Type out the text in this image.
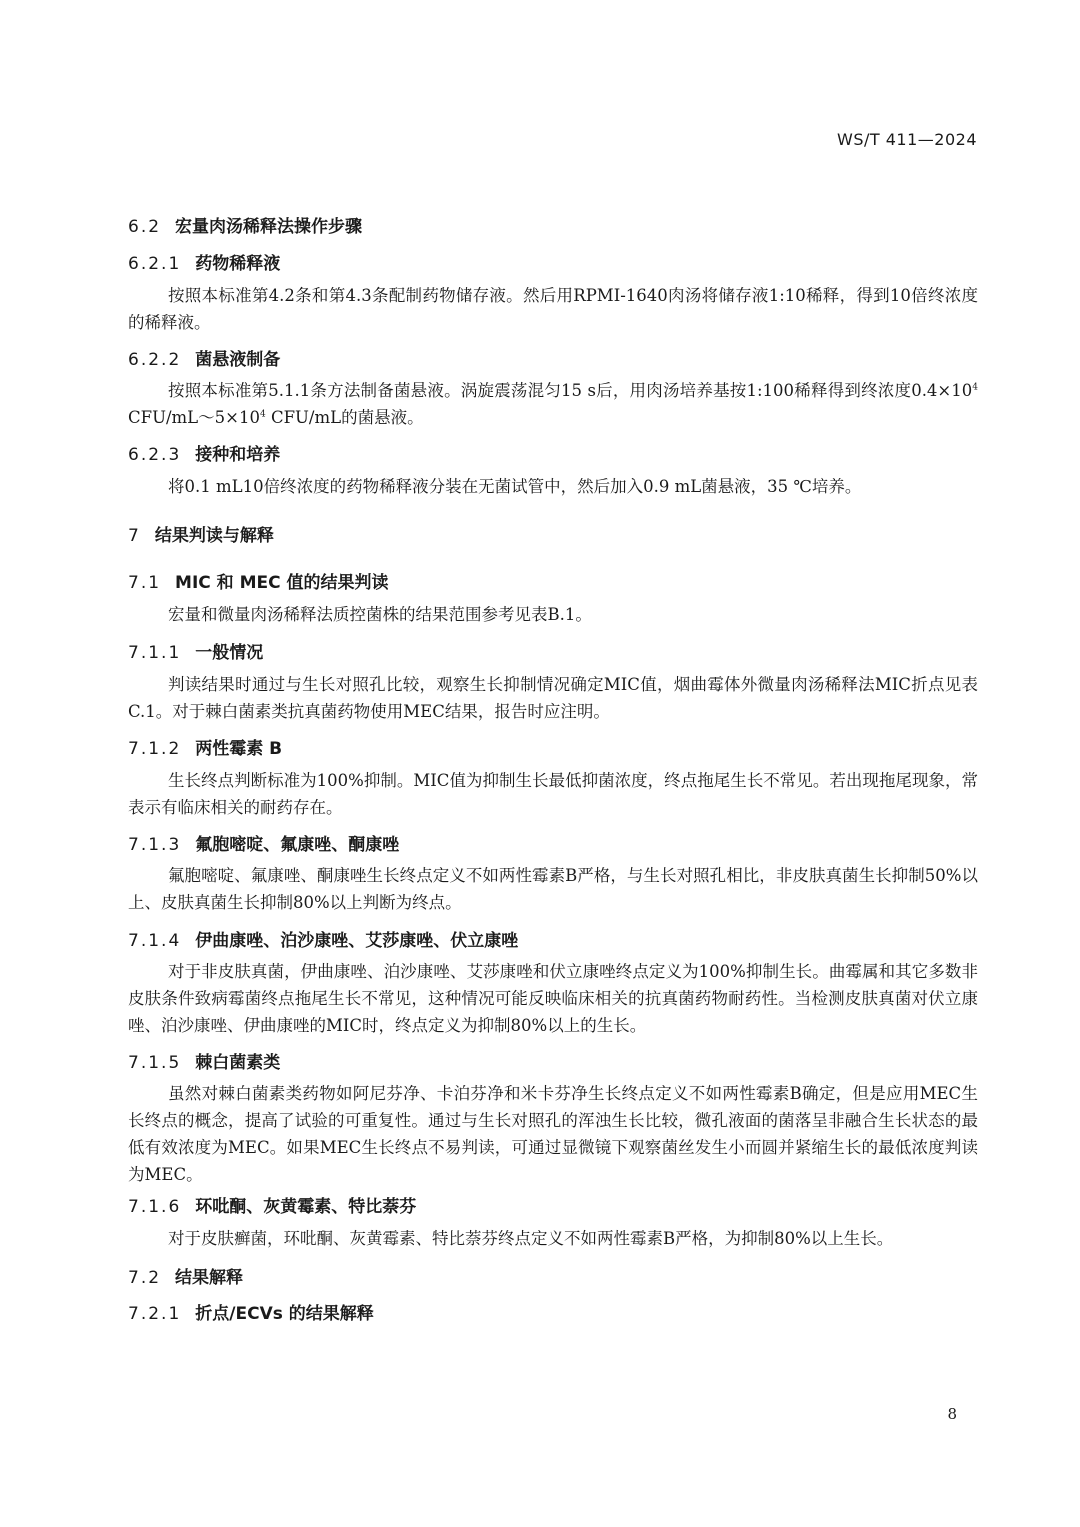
WS/T 411—2024
6.2 宏量肉汤稀释法操作步骤
6.2.1 药物稀释液
按照本标准第4.2条和第4.3条配制药物储存液。然后用RPMI-1640肉汤将储存液1:10稀释，得到10倍终浓度的稀释液。
6.2.2 菌悬液制备
按照本标准第5.1.1条方法制备菌悬液。涡旋震荡混匀15 s后，用肉汤培养基按1:100稀释得到终浓度$0.4\times 10^4$ CFU/$mL\sim 5\times 10^4$ CFU/mL的菌悬液。
6.2.3 接种和培养
将0.1 mL10倍终浓度的药物稀释液分装在无菌试管中，然后加入0.9 mL菌悬液，35 ℃培养。
7 结果判读与解释
7.1 MIC 和 MEC 值的结果判读
宏量和微量肉汤稀释法质控菌株的结果范围参考见表B.1。
7.1.1 一般情况
判读结果时通过与生长对照孔比较，观察生长抑制情况确定MIC值，烟曲霉体外微量肉汤稀释法MIC折点见表C.1。对于棘白菌素类抗真菌药物使用MEC结果，报告时应注明。
7.1.2 两性霉素 B
生长终点判断标准为100%抑制。MIC值为抑制生长最低抑菌浓度，终点拖尾生长不常见。若出现拖尾现象，常表示有临床相关的耐药存在。
7.1.3 氟胞嘧啶、氟康唑、酮康唑
氟胞嘧啶、氟康唑、酮康唑生长终点定义不如两性霉素B严格，与生长对照孔相比，非皮肤真菌生长抑制50%以上、皮肤真菌生长抑制80%以上判断为终点。
7.1.4 伊曲康唑、泊沙康唑、艾莎康唑、伏立康唑
对于非皮肤真菌，伊曲康唑、泊沙康唑、艾莎康唑和伏立康唑终点定义为100%抑制生长。曲霉属和其它多数非皮肤条件致病霉菌终点拖尾生长不常见，这种情况可能反映临床相关的抗真菌药物耐药性。当检测皮肤真菌对伏立康唑、泊沙康唑、伊曲康唑的MIC时，终点定义为抑制80%以上的生长。
7.1.5 棘白菌素类
虽然对棘白菌素类药物如阿尼芬净、卡泊芬净和米卡芬净生长终点定义不如两性霉素B确定，但是应用MEC生长终点的概念，提高了试验的可重复性。通过与生长对照孔的浑浊生长比较，微孔液面的菌落呈非融合生长状态的最低有效浓度为MEC。如果MEC生长终点不易判读，可通过显微镜下观察菌丝发生小而圆并紧缩生长的最低浓度判读为MEC。
7.1.6 环吡酮、灰黄霉素、特比萘芬
对于皮肤癣菌，环吡酮、灰黄霉素、特比萘芬终点定义不如两性霉素B严格，为抑制80%以上生长。
7.2 结果解释
7.2.1 折点/ECVs 的结果解释
8
